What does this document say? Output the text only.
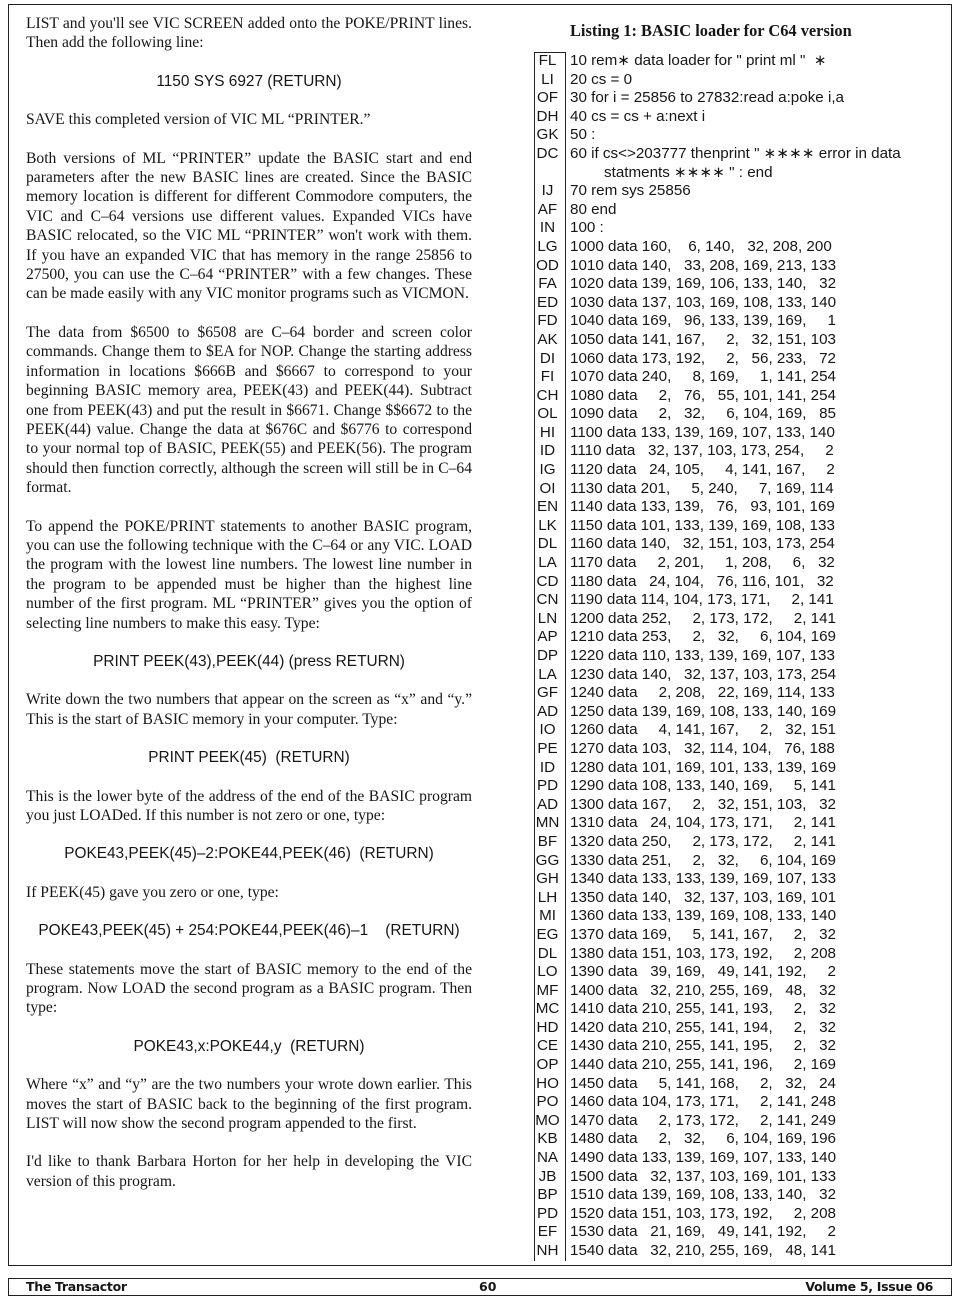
LIST and you'll see VIC SCREEN added onto the POKE/PRINT lines. Then add the following line:

1150 SYS 6927 (RETURN)

SAVE this completed version of VIC ML “PRINTER.”

Both versions of ML “PRINTER” update the BASIC start and end parameters after the new BASIC lines are created. Since the BASIC memory location is different for different Commodore computers, the VIC and C–64 versions use different values. Expanded VICs have BASIC relocated, so the VIC ML “PRINTER” won't work with them. If you have an expanded VIC that has memory in the range 25856 to 27500, you can use the C–64 “PRINTER” with a few changes. These can be made easily with any VIC monitor programs such as VICMON.

The data from $6500 to $6508 are C–64 border and screen color commands. Change them to $EA for NOP. Change the starting address information in locations $666B and $6667 to correspond to your beginning BASIC memory area, PEEK(43) and PEEK(44). Subtract one from PEEK(43) and put the result in $6671. Change $$6672 to the PEEK(44) value. Change the data at $676C and $6776 to correspond to your normal top of BASIC, PEEK(55) and PEEK(56). The program should then function correctly, although the screen will still be in C–64 format.

To append the POKE/PRINT statements to another BASIC program, you can use the following technique with the C–64 or any VIC. LOAD the program with the lowest line numbers. The lowest line number in the program to be appended must be higher than the highest line number of the first program. ML “PRINTER” gives you the option of selecting line numbers to make this easy. Type:

PRINT PEEK(43),PEEK(44) (press RETURN)

Write down the two numbers that appear on the screen as “x” and “y.” This is the start of BASIC memory in your computer. Type:

PRINT PEEK(45)  (RETURN)

This is the lower byte of the address of the end of the BASIC program you just LOADed. If this number is not zero or one, type:

POKE43,PEEK(45)–2:POKE44,PEEK(46)  (RETURN)

If PEEK(45) gave you zero or one, type:

POKE43,PEEK(45) + 254:POKE44,PEEK(46)–1    (RETURN)

These statements move the start of BASIC memory to the end of the program. Now LOAD the second program as a BASIC program. Then type:

POKE43,x:POKE44,y  (RETURN)

Where “x” and “y” are the two numbers your wrote down earlier. This moves the start of BASIC back to the beginning of the first program. LIST will now show the second program appended to the first.

I'd like to thank Barbara Horton for her help in developing the VIC version of this program.

Listing 1: BASIC loader for C64 version
FL 10 rem∗ data loader for " print ml "  ∗
LI	20 cs = 0
OF 30 for i = 25856 to 27832:read a:poke i,a
DH 40 cs = cs + a:next i
GK 50 :
DC 60 if cs<>203777 thenprint " ∗∗∗∗ error in data
statments ∗∗∗∗ " : end
IJ	70 rem sys 25856
AF 80 end
IN 100 :
LG 1000 data 160,    6, 140,   32, 208, 200
OD 1010 data 140,   33, 208, 169, 213, 133
FA 1020 data 139, 169, 106, 133, 140,   32
ED 1030 data 137, 103, 169, 108, 133, 140
FD 1040 data 169,   96, 133, 139, 169,     1
AK 1050 data 141, 167,     2,   32, 151, 103
DI 1060 data 173, 192,     2,   56, 233,   72
FI	1070 data 240,     8, 169,     1, 141, 254
CH 1080 data     2,   76,   55, 101, 141, 254
OL 1090 data     2,   32,     6, 104, 169,   85
HI 1100 data 133, 139, 169, 107, 133, 140
ID 1110 data   32, 137, 103, 173, 254,     2
IG 1120 data   24, 105,     4, 141, 167,     2
OI 1130 data 201,     5, 240,     7, 169, 114
EN 1140 data 133, 139,   76,   93, 101, 169
LK 1150 data 101, 133, 139, 169, 108, 133
DL 1160 data 140,   32, 151, 103, 173, 254
LA 1170 data     2, 201,     1, 208,     6,   32
CD 1180 data   24, 104,   76, 116, 101,   32
CN 1190 data 114, 104, 173, 171,     2, 141
LN 1200 data 252,     2, 173, 172,     2, 141
AP 1210 data 253,     2,   32,     6, 104, 169
DP 1220 data 110, 133, 139, 169, 107, 133
LA 1230 data 140,   32, 137, 103, 173, 254
GF 1240 data     2, 208,   22, 169, 114, 133
AD 1250 data 139, 169, 108, 133, 140, 169
IO 1260 data     4, 141, 167,     2,   32, 151
PE 1270 data 103,   32, 114, 104,   76, 188
ID 1280 data 101, 169, 101, 133, 139, 169
PD 1290 data 108, 133, 140, 169,     5, 141
AD 1300 data 167,     2,   32, 151, 103,   32
MN 1310 data   24, 104, 173, 171,     2, 141
BF 1320 data 250,     2, 173, 172,     2, 141
GG 1330 data 251,     2,   32,     6, 104, 169
GH 1340 data 133, 133, 139, 169, 107, 133
LH 1350 data 140,   32, 137, 103, 169, 101
MI 1360 data 133, 139, 169, 108, 133, 140
EG 1370 data 169,     5, 141, 167,     2,   32
DL 1380 data 151, 103, 173, 192,     2, 208
LO 1390 data   39, 169,   49, 141, 192,     2
MF 1400 data   32, 210, 255, 169,   48,   32
MC 1410 data 210, 255, 141, 193,     2,   32
HD 1420 data 210, 255, 141, 194,     2,   32
CE 1430 data 210, 255, 141, 195,     2,   32
OP 1440 data 210, 255, 141, 196,     2, 169
HO 1450 data     5, 141, 168,     2,   32,   24
PO 1460 data 104, 173, 171,     2, 141, 248
MO 1470 data     2, 173, 172,     2, 141, 249
KB 1480 data     2,   32,     6, 104, 169, 196
NA 1490 data 133, 139, 169, 107, 133, 140
JB 1500 data   32, 137, 103, 169, 101, 133
BP 1510 data 139, 169, 108, 133, 140,   32
PD 1520 data 151, 103, 173, 192,     2, 208
EF 1530 data   21, 169,   49, 141, 192,     2
NH 1540 data   32, 210, 255, 169,   48, 141
The Transactor	60	Volume 5, Issue 06
